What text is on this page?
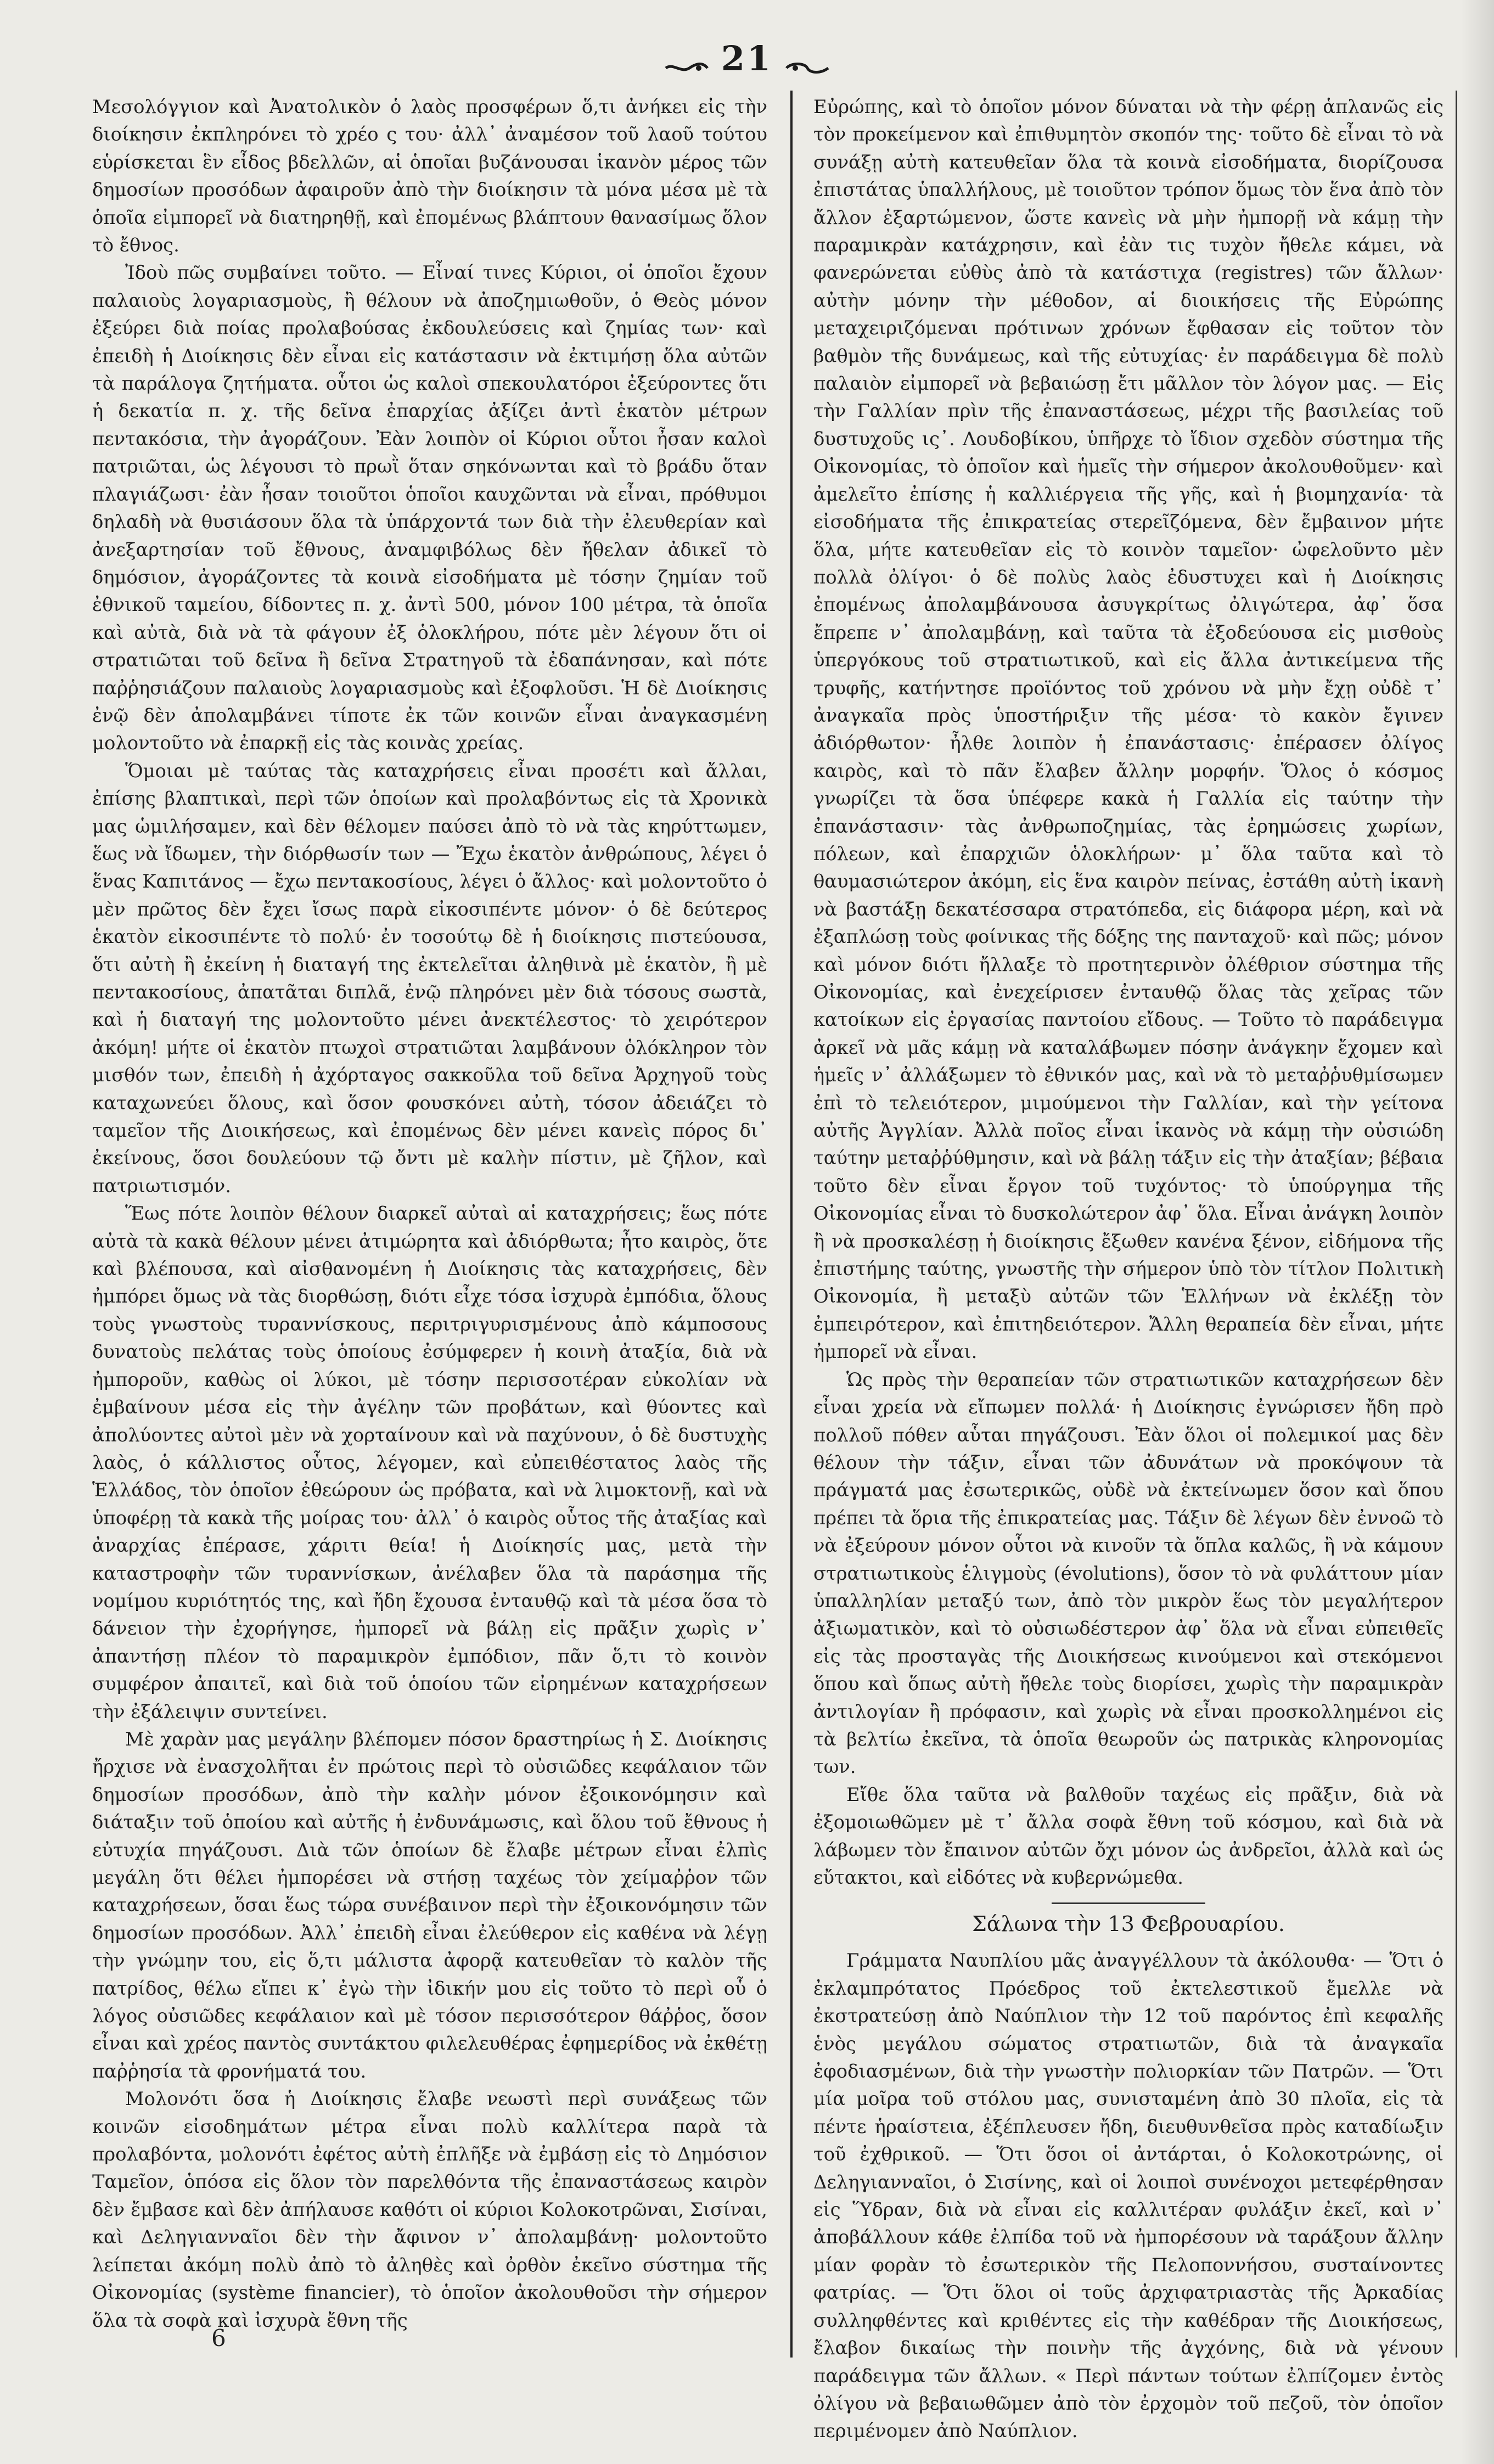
21

Μεσολόγγιον καὶ Ἀνατολικὸν ὁ λαὸς προσφέρων ὅ,τι ἀνήκει εἰς τὴν διοίκησιν ἐκπληρόνει τὸ χρέο ς του· ἀλλ᾽ ἀναμέσον τοῦ λαοῦ τούτου εὑρίσκεται ἓν εἶδος βδελλῶν, αἱ ὁποῖαι βυζάνουσαι ἱκανὸν μέρος τῶν δημοσίων προσόδων ἀφαιροῦν ἀπὸ τὴν διοίκησιν τὰ μόνα μέσα μὲ τὰ ὁποῖα εἰμπορεῖ νὰ διατηρηθῇ, καὶ ἐπομένως βλάπτουν θανασίμως ὅλον τὸ ἔθνος.

Ἰδοὺ πῶς συμβαίνει τοῦτο. — Εἶναί τινες Κύριοι, οἱ ὁποῖοι ἔχουν παλαιοὺς λογαριασμοὺς, ἢ θέλουν νὰ ἀποζημιωθοῦν, ὁ Θεὸς μόνον ἐξεύρει διὰ ποίας προλαβούσας ἐκδουλεύσεις καὶ ζημίας των· καὶ ἐπειδὴ ἡ Διοίκησις δὲν εἶναι εἰς κατάστασιν νὰ ἐκτιμήσῃ ὅλα αὐτῶν τὰ παράλογα ζητήματα. οὗτοι ὡς καλοὶ σπεκουλατόροι ἐξεύροντες ὅτι ἡ δεκατία π. χ. τῆς δεῖνα ἐπαρχίας ἀξίζει ἀντὶ ἑκατὸν μέτρων πεντακόσια, τὴν ἀγοράζουν. Ἐὰν λοιπὸν οἱ Κύριοι οὗτοι ἦσαν καλοὶ πατριῶται, ὡς λέγουσι τὸ πρωῒ ὅταν σηκόνωνται καὶ τὸ βράδυ ὅταν πλαγιάζωσι· ἐὰν ἦσαν τοιοῦτοι ὁποῖοι καυχῶνται νὰ εἶναι, πρόθυμοι δηλαδὴ νὰ θυσιάσουν ὅλα τὰ ὑπάρχοντά των διὰ τὴν ἐλευθερίαν καὶ ἀνεξαρτησίαν τοῦ ἔθνους, ἀναμφιβόλως δὲν ἤθελαν ἀδικεῖ τὸ δημόσιον, ἀγοράζοντες τὰ κοινὰ εἰσοδήματα μὲ τόσην ζημίαν τοῦ ἐθνικοῦ ταμείου, δίδοντες π. χ. ἀντὶ 500, μόνον 100 μέτρα, τὰ ὁποῖα καὶ αὐτὰ, διὰ νὰ τὰ φάγουν ἐξ ὁλοκλήρου, πότε μὲν λέγουν ὅτι οἱ στρατιῶται τοῦ δεῖνα ἢ δεῖνα Στρατηγοῦ τὰ ἐδαπάνησαν, καὶ πότε παῤῥησιάζουν παλαιοὺς λογαριασμοὺς καὶ ἐξοφλοῦσι. Ἡ δὲ Διοίκησις ἐνῷ δὲν ἀπολαμβάνει τίποτε ἐκ τῶν κοινῶν εἶναι ἀναγκασμένη μολοντοῦτο νὰ ἐπαρκῇ εἰς τὰς κοινὰς χρείας.

Ὅμοιαι μὲ ταύτας τὰς καταχρήσεις εἶναι προσέτι καὶ ἄλλαι, ἐπίσης βλαπτικαὶ, περὶ τῶν ὁποίων καὶ προλαβόντως εἰς τὰ Χρονικὰ μας ὡμιλήσαμεν, καὶ δὲν θέλομεν παύσει ἀπὸ τὸ νὰ τὰς κηρύττωμεν, ἕως νὰ ἴδωμεν, τὴν διόρθωσίν των — Ἔχω ἑκατὸν ἀνθρώπους, λέγει ὁ ἕνας Καπιτάνος — ἔχω πεντακοσίους, λέγει ὁ ἄλλος· καὶ μολοντοῦτο ὁ μὲν πρῶτος δὲν ἔχει ἴσως παρὰ εἰκοσιπέντε μόνον· ὁ δὲ δεύτερος ἑκατὸν εἰκοσιπέντε τὸ πολύ· ἐν τοσούτῳ δὲ ἡ διοίκησις πιστεύουσα, ὅτι αὐτὴ ἢ ἐκείνη ἡ διαταγή της ἐκτελεῖται ἀληθινὰ μὲ ἑκατὸν, ἢ μὲ πεντακοσίους, ἀπατᾶται διπλᾶ, ἐνῷ πληρόνει μὲν διὰ τόσους σωστὰ, καὶ ἡ διαταγή της μολοντοῦτο μένει ἀνεκτέλεστος· τὸ χειρότερον ἀκόμη! μήτε οἱ ἑκατὸν πτωχοὶ στρατιῶται λαμβάνουν ὁλόκληρον τὸν μισθόν των, ἐπειδὴ ἡ ἀχόρταγος σακκοῦλα τοῦ δεῖνα Ἀρχηγοῦ τοὺς καταχωνεύει ὅλους, καὶ ὅσον φουσκόνει αὐτὴ, τόσον ἀδειάζει τὸ ταμεῖον τῆς Διοικήσεως, καὶ ἐπομένως δὲν μένει κανεὶς πόρος δι᾽ ἐκείνους, ὅσοι δουλεύουν τῷ ὄντι μὲ καλὴν πίστιν, μὲ ζῆλον, καὶ πατριωτισμόν.

Ἕως πότε λοιπὸν θέλουν διαρκεῖ αὐταὶ αἱ καταχρήσεις; ἕως πότε αὐτὰ τὰ κακὰ θέλουν μένει ἀτιμώρητα καὶ ἀδιόρθωτα; ἦτο καιρὸς, ὅτε καὶ βλέπουσα, καὶ αἰσθανομένη ἡ Διοίκησις τὰς καταχρήσεις, δὲν ἠμπόρει ὅμως νὰ τὰς διορθώσῃ, διότι εἶχε τόσα ἰσχυρὰ ἐμπόδια, ὅλους τοὺς γνωστοὺς τυραννίσκους, περιτριγυρισμένους ἀπὸ κάμποσους δυνατοὺς πελάτας τοὺς ὁποίους ἐσύμφερεν ἡ κοινὴ ἀταξία, διὰ νὰ ἠμποροῦν, καθὼς οἱ λύκοι, μὲ τόσην περισσοτέραν εὐκολίαν νὰ ἐμβαίνουν μέσα εἰς τὴν ἀγέλην τῶν προβάτων, καὶ θύοντες καὶ ἀπολύοντες αὐτοὶ μὲν νὰ χορταίνουν καὶ νὰ παχύνουν, ὁ δὲ δυστυχὴς λαὸς, ὁ κάλλιστος οὗτος, λέγομεν, καὶ εὐπειθέστατος λαὸς τῆς Ἑλλάδος, τὸν ὁποῖον ἐθεώρουν ὡς πρόβατα, καὶ νὰ λιμοκτονῇ, καὶ νὰ ὑποφέρῃ τὰ κακὰ τῆς μοίρας του· ἀλλ᾽ ὁ καιρὸς οὗτος τῆς ἀταξίας καὶ ἀναρχίας ἐπέρασε, χάριτι θεία! ἡ Διοίκησίς μας, μετὰ τὴν καταστροφὴν τῶν τυραννίσκων, ἀνέλαβεν ὅλα τὰ παράσημα τῆς νομίμου κυριότητός της, καὶ ἤδη ἔχουσα ἐνταυθῷ καὶ τὰ μέσα ὅσα τὸ δάνειον τὴν ἐχορήγησε, ἠμπορεῖ νὰ βάλῃ εἰς πρᾶξιν χωρὶς ν᾽ ἀπαντήσῃ πλέον τὸ παραμικρὸν ἐμπόδιον, πᾶν ὅ,τι τὸ κοινὸν συμφέρον ἀπαιτεῖ, καὶ διὰ τοῦ ὁποίου τῶν εἰρημένων καταχρήσεων τὴν ἐξάλειψιν συντείνει.

Μὲ χαρὰν μας μεγάλην βλέπομεν πόσον δραστηρίως ἡ Σ. Διοίκησις ἤρχισε νὰ ἐνασχολῆται ἐν πρώτοις περὶ τὸ οὐσιῶδες κεφάλαιον τῶν δημοσίων προσόδων, ἀπὸ τὴν καλὴν μόνον ἐξοικονόμησιν καὶ διάταξιν τοῦ ὁποίου καὶ αὐτῆς ἡ ἐνδυνάμωσις, καὶ ὅλου τοῦ ἔθνους ἡ εὐτυχία πηγάζουσι. Διὰ τῶν ὁποίων δὲ ἔλαβε μέτρων εἶναι ἐλπὶς μεγάλη ὅτι θέλει ἠμπορέσει νὰ στήσῃ ταχέως τὸν χείμαῤῥον τῶν καταχρήσεων, ὅσαι ἕως τώρα συνέβαινον περὶ τὴν ἐξοικονόμησιν τῶν δημοσίων προσόδων. Ἀλλ᾽ ἐπειδὴ εἶναι ἐλεύθερον εἰς καθένα νὰ λέγῃ τὴν γνώμην του, εἰς ὅ,τι μάλιστα ἀφορᾷ κατευθεῖαν τὸ καλὸν τῆς πατρίδος, θέλω εἴπει κ᾽ ἐγὼ τὴν ἰδικήν μου εἰς τοῦτο τὸ περὶ οὗ ὁ λόγος οὐσιῶδες κεφάλαιον καὶ μὲ τόσον περισσότερον θάῤῥος, ὅσον εἶναι καὶ χρέος παντὸς συντάκτου φιλελευθέρας ἐφημερίδος νὰ ἐκθέτῃ παῤῥησία τὰ φρονήματά του.

Μολονότι ὅσα ἡ Διοίκησις ἔλαβε νεωστὶ περὶ συνάξεως τῶν κοινῶν εἰσοδημάτων μέτρα εἶναι πολὺ καλλίτερα παρὰ τὰ προλαβόντα, μολονότι ἐφέτος αὐτὴ ἐπλῆξε νὰ ἐμβάσῃ εἰς τὸ Δημόσιον Ταμεῖον, ὁπόσα εἰς ὅλον τὸν παρελθόντα τῆς ἐπαναστάσεως καιρὸν δὲν ἔμβασε καὶ δὲν ἀπήλαυσε καθότι οἱ κύριοι Κολοκοτρῶναι, Σισίναι, καὶ Δεληγιανναῖοι δὲν τὴν ἄφινον ν᾽ ἀπολαμβάνῃ· μολοντοῦτο λείπεται ἀκόμη πολὺ ἀπὸ τὸ ἀληθὲς καὶ ὀρθὸν ἐκεῖνο σύστημα τῆς Οἰκονομίας (système financier), τὸ ὁποῖον ἀκολουθοῦσι τὴν σήμερον ὅλα τὰ σοφὰ καὶ ἰσχυρὰ ἔθνη τῆς

Εὐρώπης, καὶ τὸ ὁποῖον μόνον δύναται νὰ τὴν φέρῃ ἁπλανῶς εἰς τὸν προκείμενον καὶ ἐπιθυμητὸν σκοπόν της· τοῦτο δὲ εἶναι τὸ νὰ συνάξῃ αὐτὴ κατευθεῖαν ὅλα τὰ κοινὰ εἰσοδήματα, διορίζουσα ἐπιστάτας ὑπαλλήλους, μὲ τοιοῦτον τρόπον ὅμως τὸν ἕνα ἀπὸ τὸν ἄλλον ἐξαρτώμενον, ὥστε κανεὶς νὰ μὴν ἠμπορῇ νὰ κάμῃ τὴν παραμικρὰν κατάχρησιν, καὶ ἐὰν τις τυχὸν ἤθελε κάμει, νὰ φανερώνεται εὐθὺς ἀπὸ τὰ κατάστιχα (registres) τῶν ἄλλων· αὐτὴν μόνην τὴν μέθοδον, αἱ διοικήσεις τῆς Εὐρώπης μεταχειριζόμεναι πρότινων χρόνων ἔφθασαν εἰς τοῦτον τὸν βαθμὸν τῆς δυνάμεως, καὶ τῆς εὐτυχίας· ἐν παράδειγμα δὲ πολὺ παλαιὸν εἰμπορεῖ νὰ βεβαιώσῃ ἔτι μᾶλλον τὸν λόγον μας. — Εἰς τὴν Γαλλίαν πρὶν τῆς ἐπαναστάσεως, μέχρι τῆς βασιλείας τοῦ δυστυχοῦς ις᾽. Λουδοβίκου, ὑπῆρχε τὸ ἴδιον σχεδὸν σύστημα τῆς Οἰκονομίας, τὸ ὁποῖον καὶ ἡμεῖς τὴν σήμερον ἀκολουθοῦμεν· καὶ ἀμελεῖτο ἐπίσης ἡ καλλιέργεια τῆς γῆς, καὶ ἡ βιομηχανία· τὰ εἰσοδήματα τῆς ἐπικρατείας στερεῖζόμενα, δὲν ἔμβαινον μήτε ὅλα, μήτε κατευθεῖαν εἰς τὸ κοινὸν ταμεῖον· ὠφελοῦντο μὲν πολλὰ ὀλίγοι· ὁ δὲ πολὺς λαὸς ἐδυστυχει καὶ ἡ Διοίκησις ἐπομένως ἀπολαμβάνουσα ἀσυγκρίτως ὀλιγώτερα, ἀφ᾽ ὅσα ἔπρεπε ν᾽ ἀπολαμβάνῃ, καὶ ταῦτα τὰ ἐξοδεύουσα εἰς μισθοὺς ὑπεργόκους τοῦ στρατιωτικοῦ, καὶ εἰς ἄλλα ἀντικείμενα τῆς τρυφῆς, κατήντησε προϊόντος τοῦ χρόνου νὰ μὴν ἔχῃ οὐδὲ τ᾽ ἀναγκαῖα πρὸς ὑποστήριξιν τῆς μέσα· τὸ κακὸν ἔγινεν ἀδιόρθωτον· ἦλθε λοιπὸν ἡ ἐπανάστασις· ἐπέρασεν ὀλίγος καιρὸς, καὶ τὸ πᾶν ἔλαβεν ἄλλην μορφήν. Ὅλος ὁ κόσμος γνωρίζει τὰ ὅσα ὑπέφερε κακὰ ἡ Γαλλία εἰς ταύτην τὴν ἐπανάστασιν· τὰς ἀνθρωποζημίας, τὰς ἐρημώσεις χωρίων, πόλεων, καὶ ἐπαρχιῶν ὁλοκλήρων· μ᾽ ὅλα ταῦτα καὶ τὸ θαυμασιώτερον ἀκόμη, εἰς ἕνα καιρὸν πείνας, ἐστάθη αὐτὴ ἱκανὴ νὰ βαστάξῃ δεκατέσσαρα στρατόπεδα, εἰς διάφορα μέρη, καὶ νὰ ἐξαπλώσῃ τοὺς φοίνικας τῆς δόξης της πανταχοῦ· καὶ πῶς; μόνον καὶ μόνον διότι ἤλλαξε τὸ προτητερινὸν ὀλέθριον σύστημα τῆς Οἰκονομίας, καὶ ἐνεχείρισεν ἐνταυθῷ ὅλας τὰς χεῖρας τῶν κατοίκων εἰς ἐργασίας παντοίου εἴδους. — Τοῦτο τὸ παράδειγμα ἀρκεῖ νὰ μᾶς κάμῃ νὰ καταλάβωμεν πόσην ἀνάγκην ἔχομεν καὶ ἡμεῖς ν᾽ ἀλλάξωμεν τὸ ἐθνικόν μας, καὶ νὰ τὸ μεταῤῥυθμίσωμεν ἐπὶ τὸ τελειότερον, μιμούμενοι τὴν Γαλλίαν, καὶ τὴν γείτονα αὐτῆς Ἀγγλίαν. Ἀλλὰ ποῖος εἶναι ἱκανὸς νὰ κάμῃ τὴν οὐσιώδη ταύτην μεταῤῥύθμησιν, καὶ νὰ βάλῃ τάξιν εἰς τὴν ἀταξίαν; βέβαια τοῦτο δὲν εἶναι ἔργον τοῦ τυχόντος· τὸ ὑπούργημα τῆς Οἰκονομίας εἶναι τὸ δυσκολώτερον ἀφ᾽ ὅλα. Εἶναι ἀνάγκη λοιπὸν ἢ νὰ προσκαλέσῃ ἡ διοίκησις ἔξωθεν κανένα ξένον, εἰδήμονα τῆς ἐπιστήμης ταύτης, γνωστῆς τὴν σήμερον ὑπὸ τὸν τίτλον Πολιτικὴ Οἰκονομία, ἢ μεταξὺ αὐτῶν τῶν Ἑλλήνων νὰ ἐκλέξῃ τὸν ἐμπειρότερον, καὶ ἐπιτηδειότερον. Ἄλλη θεραπεία δὲν εἶναι, μήτε ἠμπορεῖ νὰ εἶναι.

Ὡς πρὸς τὴν θεραπείαν τῶν στρατιωτικῶν καταχρήσεων δὲν εἶναι χρεία νὰ εἴπωμεν πολλά· ἡ Διοίκησις ἐγνώρισεν ἤδη πρὸ πολλοῦ πόθεν αὗται πηγάζουσι. Ἐὰν ὅλοι οἱ πολεμικοί μας δὲν θέλουν τὴν τάξιν, εἶναι τῶν ἀδυνάτων νὰ προκόψουν τὰ πράγματά μας ἐσωτερικῶς, οὐδὲ νὰ ἐκτείνωμεν ὅσον καὶ ὅπου πρέπει τὰ ὅρια τῆς ἐπικρατείας μας. Τάξιν δὲ λέγων δὲν ἐννοῶ τὸ νὰ ἐξεύρουν μόνον οὗτοι νὰ κινοῦν τὰ ὅπλα καλῶς, ἢ νὰ κάμουν στρατιωτικοὺς ἑλιγμοὺς (évolutions), ὅσον τὸ νὰ φυλάττουν μίαν ὑπαλληλίαν μεταξύ των, ἀπὸ τὸν μικρὸν ἕως τὸν μεγαλήτερον ἀξιωματικὸν, καὶ τὸ οὐσιωδέστερον ἀφ᾽ ὅλα νὰ εἶναι εὐπειθεῖς εἰς τὰς προσταγὰς τῆς Διοικήσεως κινούμενοι καὶ στεκόμενοι ὅπου καὶ ὅπως αὐτὴ ἤθελε τοὺς διορίσει, χωρὶς τὴν παραμικρὰν ἀντιλογίαν ἢ πρόφασιν, καὶ χωρὶς νὰ εἶναι προσκολλημένοι εἰς τὰ βελτίω ἐκεῖνα, τὰ ὁποῖα θεωροῦν ὡς πατρικὰς κληρονομίας των.

Εἴθε ὅλα ταῦτα νὰ βαλθοῦν ταχέως εἰς πρᾶξιν, διὰ νὰ ἐξομοιωθῶμεν μὲ τ᾽ ἄλλα σοφὰ ἔθνη τοῦ κόσμου, καὶ διὰ νὰ λάβωμεν τὸν ἔπαινον αὐτῶν ὄχι μόνον ὡς ἀνδρεῖοι, ἀλλὰ καὶ ὡς εὔτακτοι, καὶ εἰδότες νὰ κυβερνώμεθα.

Σάλωνα τὴν 13 Φεβρουαρίου.

Γράμματα Ναυπλίου μᾶς ἀναγγέλλουν τὰ ἀκόλουθα· — Ὅτι ὁ ἐκλαμπρότατος Πρόεδρος τοῦ ἐκτελεστικοῦ ἔμελλε νὰ ἐκστρατεύσῃ ἀπὸ Ναύπλιον τὴν 12 τοῦ παρόντος ἐπὶ κεφαλῆς ἑνὸς μεγάλου σώματος στρατιωτῶν, διὰ τὰ ἀναγκαῖα ἐφοδιασμένων, διὰ τὴν γνωστὴν πολιορκίαν τῶν Πατρῶν. — Ὅτι μία μοῖρα τοῦ στόλου μας, συνισταμένη ἀπὸ 30 πλοῖα, εἰς τὰ πέντε ἡραίστεια, ἐξέπλευσεν ἤδη, διευθυνθεῖσα πρὸς καταδίωξιν τοῦ ἐχθρικοῦ. — Ὅτι ὅσοι οἱ ἀντάρται, ὁ Κολοκοτρώνης, οἱ Δεληγιανναῖοι, ὁ Σισίνης, καὶ οἱ λοιποὶ συνένοχοι μετεφέρθησαν εἰς Ὕδραν, διὰ νὰ εἶναι εἰς καλλιτέραν φυλάξιν ἐκεῖ, καὶ ν᾽ ἀποβάλλουν κάθε ἐλπίδα τοῦ νὰ ἠμπορέσουν νὰ ταράξουν ἄλλην μίαν φορὰν τὸ ἐσωτερικὸν τῆς Πελοποννήσου, συσταίνοντες φατρίας. — Ὅτι ὅλοι οἱ τοῦς ἀρχιφατριαστὰς τῆς Ἀρκαδίας συλληφθέντες καὶ κριθέντες εἰς τὴν καθέδραν τῆς Διοικήσεως, ἔλαβον δικαίως τὴν ποινὴν τῆς ἀγχόνης, διὰ νὰ γένουν παράδειγμα τῶν ἄλλων. « Περὶ πάντων τούτων ἐλπίζομεν ἐντὸς ὀλίγου νὰ βεβαιωθῶμεν ἀπὸ τὸν ἐρχομὸν τοῦ πεζοῦ, τὸν ὁποῖον περιμένομεν ἀπὸ Ναύπλιον.

6
